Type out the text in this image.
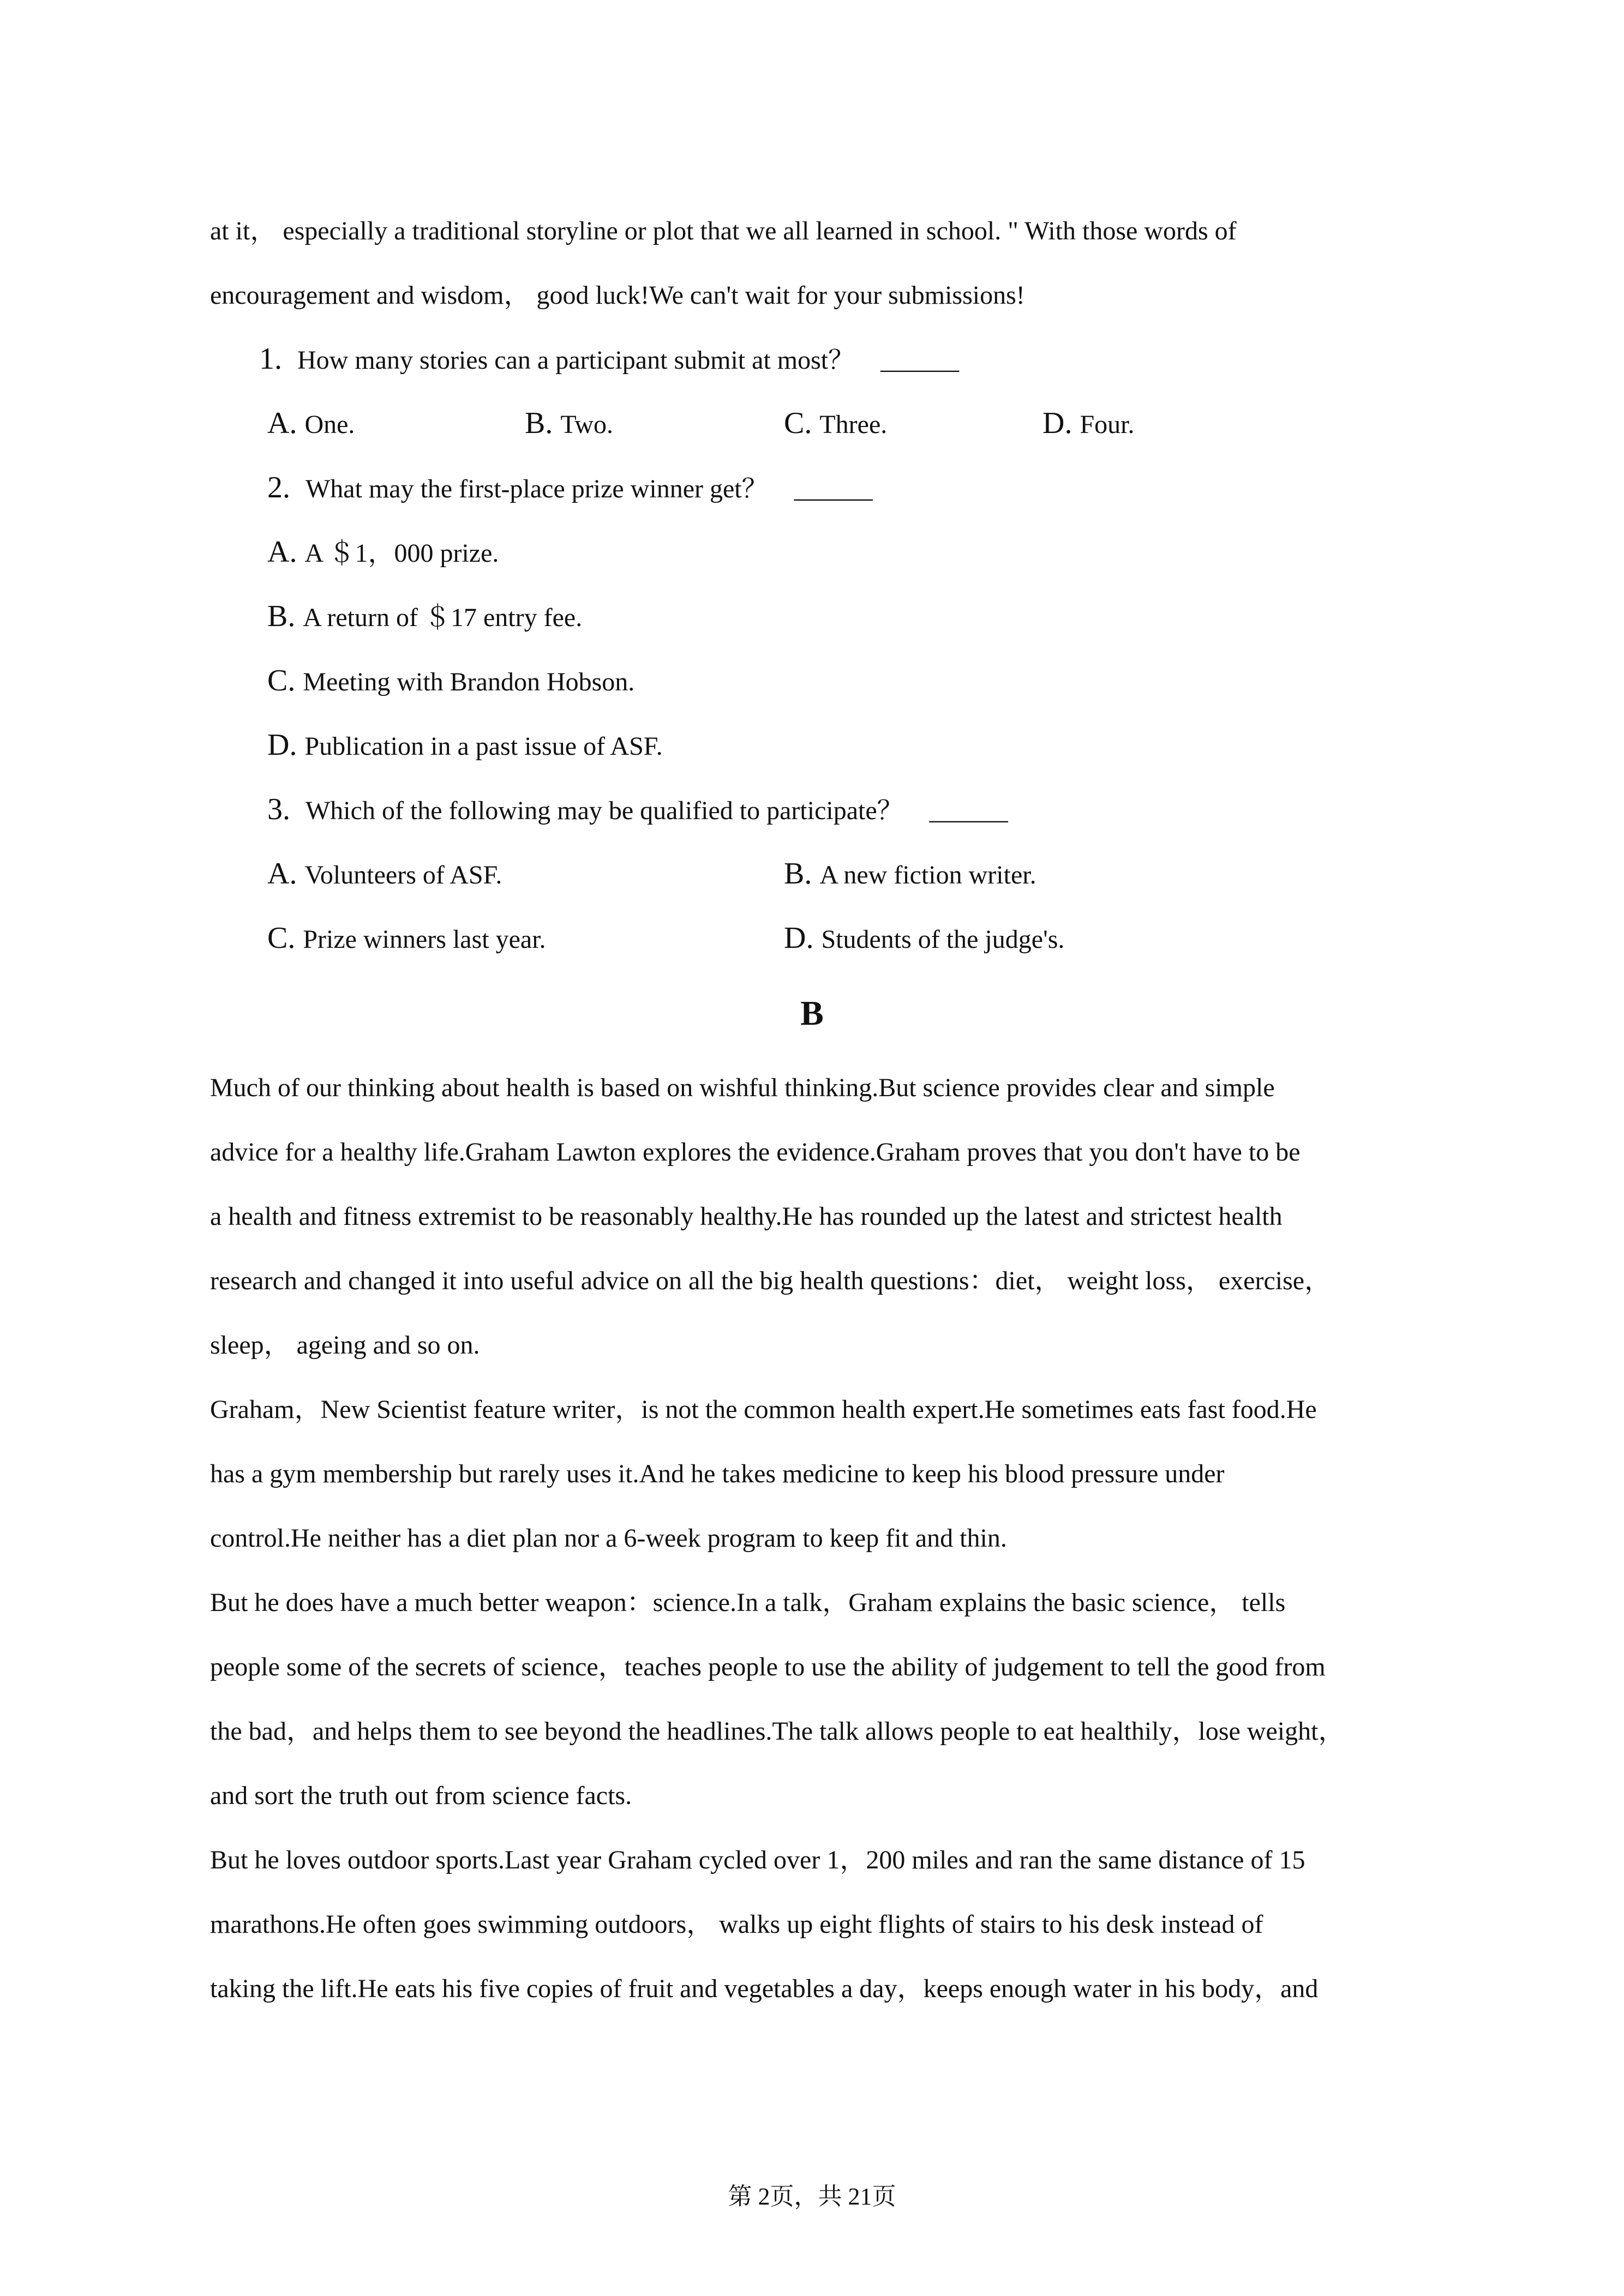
at it， especially a traditional storyline or plot that we all learned in school. " With those words of
encouragement and wisdom， good luck!We can't wait for your submissions!
1. How many stories can a participant submit at most？ ______
A. One.	B. Two.	C. Three.	D. Four.
2. What may the first-place prize winner get？ ______
A. A ＄1，000 prize.
B. A return of ＄17 entry fee.
C. Meeting with Brandon Hobson.
D. Publication in a past issue of ASF.
3. Which of the following may be qualified to participate？ ______
A. Volunteers of ASF.	B. A new fiction writer.
C. Prize winners last year.	D. Students of the judge's.
B
Much of our thinking about health is based on wishful thinking.But science provides clear and simple
advice for a healthy life.Graham Lawton explores the evidence.Graham proves that you don't have to be
a health and fitness extremist to be reasonably healthy.He has rounded up the latest and strictest health
research and changed it into useful advice on all the big health questions：diet， weight loss， exercise，
sleep， ageing and so on.
Graham，New Scientist feature writer，is not the common health expert.He sometimes eats fast food.He
has a gym membership but rarely uses it.And he takes medicine to keep his blood pressure under
control.He neither has a diet plan nor a 6-week program to keep fit and thin.
But he does have a much better weapon：science.In a talk，Graham explains the basic science， tells
people some of the secrets of science，teaches people to use the ability of judgement to tell the good from
the bad，and helps them to see beyond the headlines.The talk allows people to eat healthily，lose weight，
and sort the truth out from science facts.
But he loves outdoor sports.Last year Graham cycled over 1，200 miles and ran the same distance of 15
marathons.He often goes swimming outdoors， walks up eight flights of stairs to his desk instead of
taking the lift.He eats his five copies of fruit and vegetables a day，keeps enough water in his body，and
第 2页，共 21页
